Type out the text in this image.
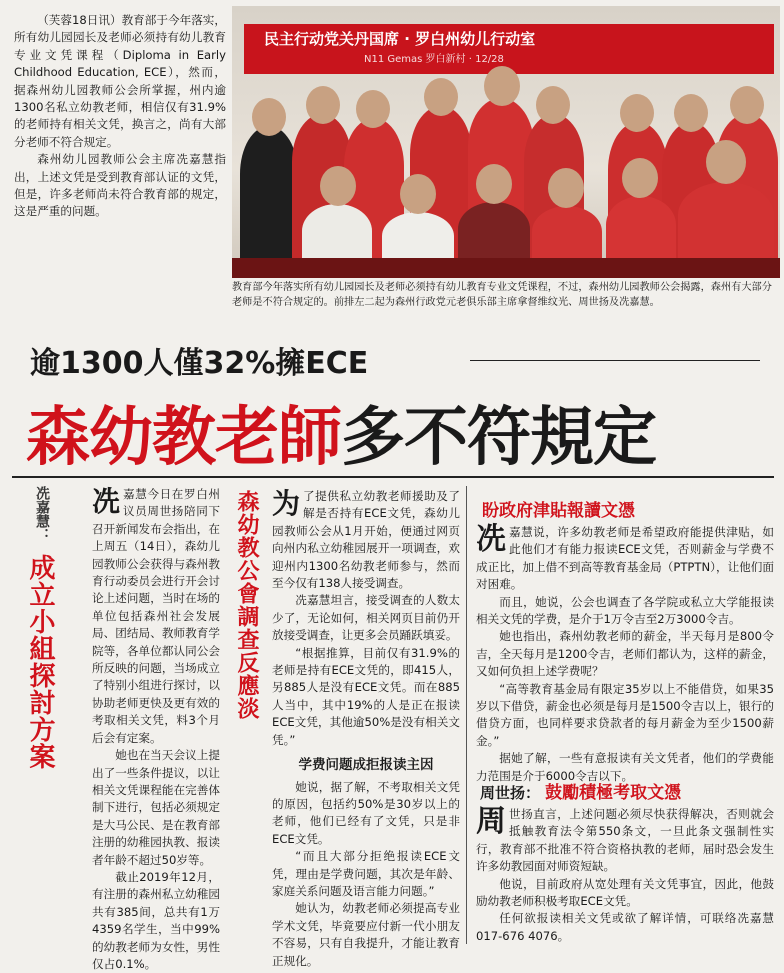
（芙蓉18日讯）教育部于今年落实，所有幼儿园园长及老师必须持有幼儿教育专业文凭课程（Diploma in Early Childhood Education, ECE），然而，据森州幼儿园教师公会所掌握，州内逾1300名私立幼教老师，相信仅有31.9%的老师持有相关文凭，换言之，尚有大部分老师不符合规定。

森州幼儿园教师公会主席冼嘉慧指出，上述文凭是受到教育部认证的文凭，但是，许多老师尚未符合教育部的规定，这是严重的问题。

民主行动党关丹国席 · 罗白州幼儿行动室
N11 Gemas 罗白新村 · 12/28
教育部今年落实所有幼儿园园长及老师必须持有幼儿教育专业文凭课程，不过，森州幼儿园教师公会揭露，森州有大部分老师是不符合规定的。前排左二起为森州行政党元老俱乐部主席拿督维纹光、周世扬及冼嘉慧。
逾1300人僅32%擁ECE
森幼教老師多不符規定
冼嘉慧：
成立小組探討方案
冼 嘉慧今日在罗白州议员周世扬陪同下召开新闻发布会指出，在上周五（14日），森幼儿园教师公会获得与森州教育行动委员会进行开会讨论上述问题，当时在场的单位包括森州社会发展局、团结局、教师教育学院等，各单位都认同公会所反映的问题，当场成立了特别小组进行探讨，以协助老师更快及更有效的考取相关文凭，料3个月后会有定案。

她也在当天会议上提出了一些条件提议，以让相关文凭课程能在完善体制下进行，包括必须规定是大马公民、是在教育部注册的幼稚园执教、报读者年龄不超过50岁等。

截止2019年12月，有注册的森州私立幼稚园共有385间，总共有1万4359名学生，当中99%的幼教老师为女性，男性仅占0.1%。

森幼教公會調查反應淡 为 了提供私立幼教老师援助及了解是否持有ECE文凭，森幼儿园教师公会从1月开始，便通过网页向州内私立幼稚园展开一项调查，欢迎州内1300名幼教老师参与，然而至今仅有138人接受调查。

冼嘉慧坦言，接受调查的人数太少了，无论如何，相关网页目前仍开放接受调查，让更多会员踊跃填妥。

“根据推算，目前仅有31.9%的老师是持有ECE文凭的，即415人，另885人是没有ECE文凭。而在885人当中，其中19%的人是正在报读ECE文凭，其他逾50%是没有相关文凭。”

学费问题成拒报读主因

她说，据了解，不考取相关文凭的原因，包括约50%是30岁以上的老师，他们已经有了文凭，只是非ECE文凭。

“而且大部分拒绝报读ECE文凭，理由是学费问题，其次是年龄、家庭关系问题及语言能力问题。”

她认为，幼教老师必须提高专业学术文凭，毕竟要应付新一代小朋友不容易，只有自我提升，才能让教育正规化。

盼政府津貼報讀文憑
冼 嘉慧说，许多幼教老师是希望政府能提供津贴，如此他们才有能力报读ECE文凭，否则薪金与学费不成正比，加上借不到高等教育基金局（PTPTN），让他们面对困难。

而且，她说，公会也调查了各学院或私立大学能报读相关文凭的学费，是介于1万令吉至2万3000令吉。

她也指出，森州幼教老师的薪金，半天每月是800令吉，全天每月是1200令吉，老师们都认为，这样的薪金，又如何负担上述学费呢？

“高等教育基金局有限定35岁以上不能借贷，如果35岁以下借贷，薪金也必须是每月是1500令吉以上，银行的借贷方面，也同样要求贷款者的每月薪金为至少1500薪金。”

据她了解，一些有意报读有关文凭者，他们的学费能力范围是介于6000令吉以下。

周世扬： 鼓勵積極考取文憑
周 世扬直言，上述问题必须尽快获得解决，否则就会抵触教育法令第550条文，一旦此条文强制性实行，教育部不批准不符合资格执教的老师，届时恐会发生许多幼教园面对师资短缺。

他说，目前政府从宽处理有关文凭事宜，因此，他鼓励幼教老师积极考取ECE文凭。

任何欲报读相关文凭或欲了解详情，可联络冼嘉慧017-676 4076。
